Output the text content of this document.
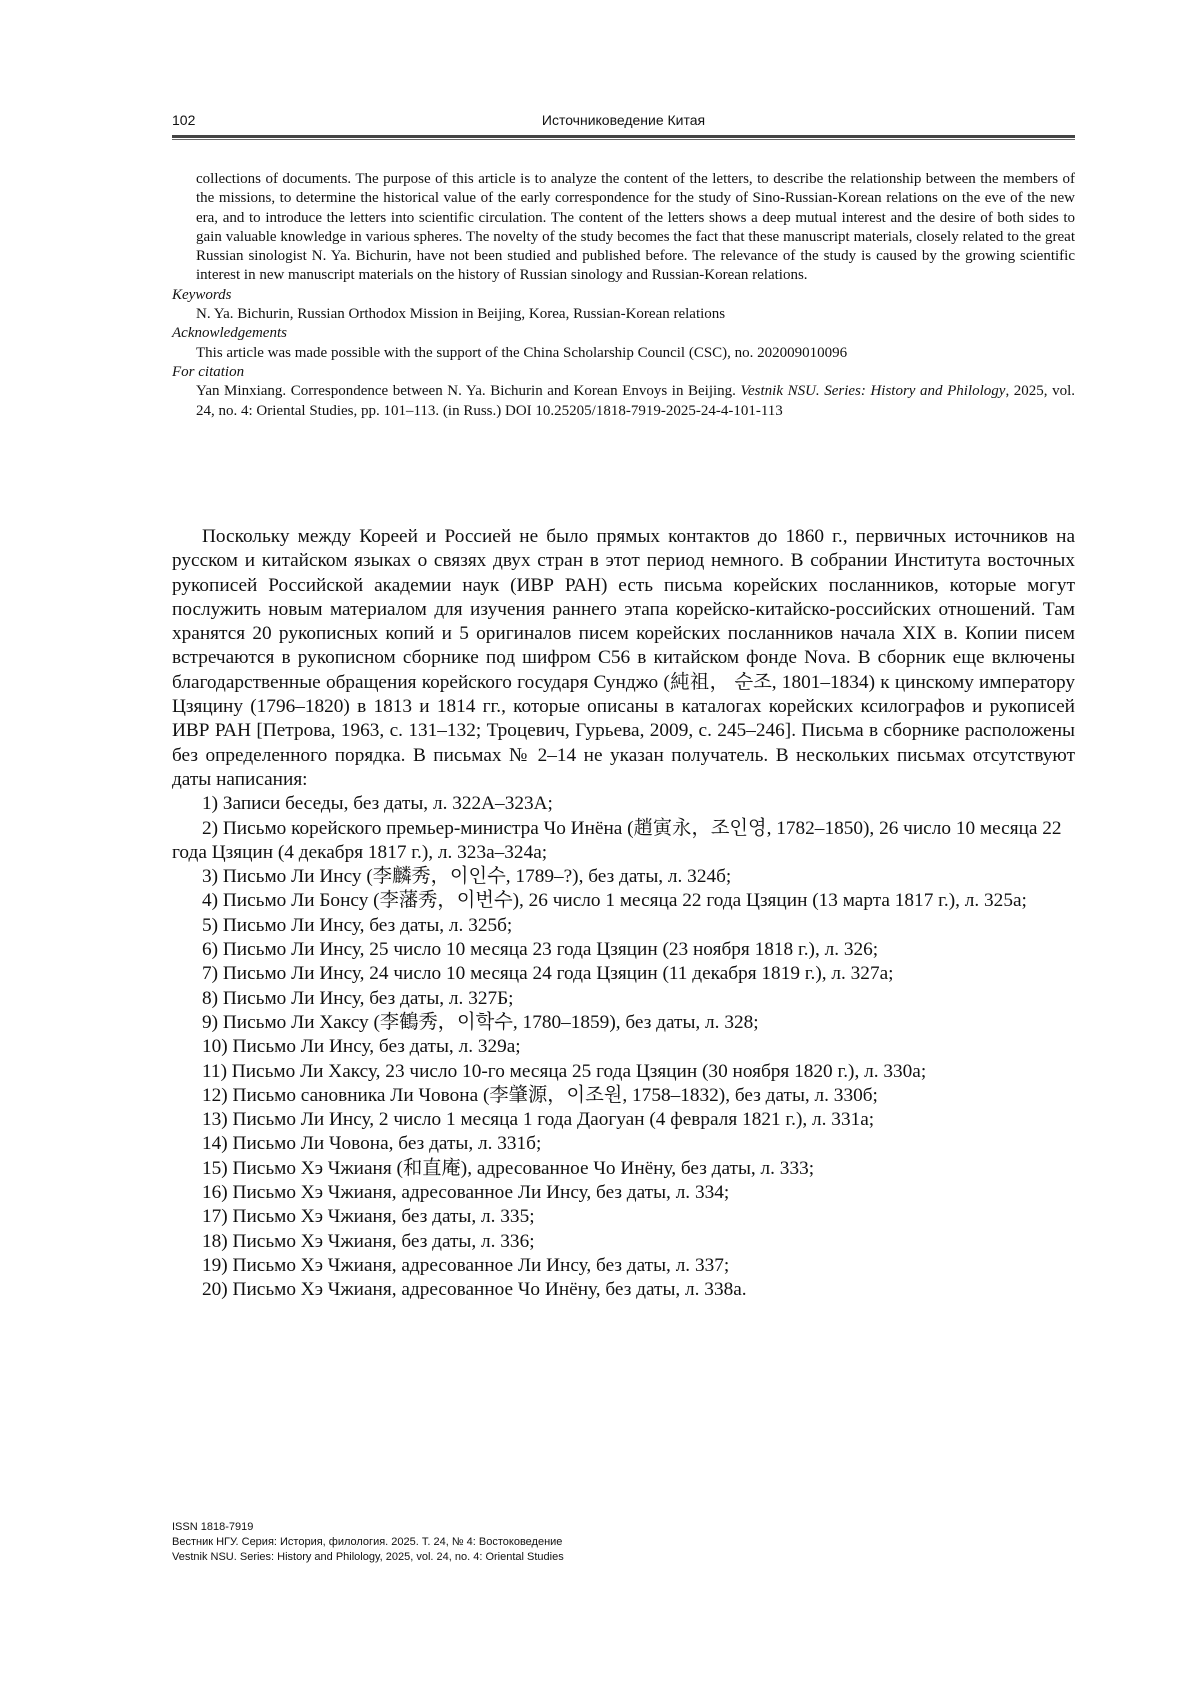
102	Источниковедение Китая
collections of documents. The purpose of this article is to analyze the content of the letters, to describe the relationship between the members of the missions, to determine the historical value of the early correspondence for the study of Sino-Russian-Korean relations on the eve of the new era, and to introduce the letters into scientific circulation. The content of the letters shows a deep mutual interest and the desire of both sides to gain valuable knowledge in various spheres. The novelty of the study becomes the fact that these manuscript materials, closely related to the great Russian sinologist N. Ya. Bichurin, have not been studied and published before. The relevance of the study is caused by the growing scientific interest in new manuscript materials on the history of Russian sinology and Russian-Korean relations.
Keywords
N. Ya. Bichurin, Russian Orthodox Mission in Beijing, Korea, Russian-Korean relations
Acknowledgements
This article was made possible with the support of the China Scholarship Council (CSC), no. 202009010096
For citation
Yan Minxiang. Correspondence between N. Ya. Bichurin and Korean Envoys in Beijing. Vestnik NSU. Series: History and Philology, 2025, vol. 24, no. 4: Oriental Studies, pp. 101–113. (in Russ.) DOI 10.25205/1818-7919-2025-24-4-101-113

Поскольку между Кореей и Россией не было прямых контактов до 1860 г., первичных источников на русском и китайском языках о связях двух стран в этот период немного. В собрании Института восточных рукописей Российской академии наук (ИВР РАН) есть письма корейских посланников, которые могут послужить новым материалом для изучения раннего этапа корейско-китайско-российских отношений. Там хранятся 20 рукописных копий и 5 оригиналов писем корейских посланников начала XIX в. Копии писем встречаются в рукописном сборнике под шифром С56 в китайском фонде Nova. В сборник еще включены благодарственные обращения корейского государя Сунджо (純祖， 순조, 1801–1834) к цинскому императору Цзяцину (1796–1820) в 1813 и 1814 гг., которые описаны в каталогах корейских ксилографов и рукописей ИВР РАН [Петрова, 1963, с. 131–132; Троцевич, Гурьева, 2009, с. 245–246]. Письма в сборнике расположены без определенного порядка. В письмах № 2–14 не указан получатель. В нескольких письмах отсутствуют даты написания:

1) Записи беседы, без даты, л. 322А–323А;
2) Письмо корейского премьер-министра Чо Инёна (趙寅永，조인영, 1782–1850), 26 число 10 месяца 22 года Цзяцин (4 декабря 1817 г.), л. 323а–324а;
3) Письмо Ли Инсу (李麟秀，이인수, 1789–?), без даты, л. 324б;
4) Письмо Ли Бонсу (李藩秀，이번수), 26 число 1 месяца 22 года Цзяцин (13 марта 1817 г.), л. 325а;
5) Письмо Ли Инсу, без даты, л. 325б;
6) Письмо Ли Инсу, 25 число 10 месяца 23 года Цзяцин (23 ноября 1818 г.), л. 326;
7) Письмо Ли Инсу, 24 число 10 месяца 24 года Цзяцин (11 декабря 1819 г.), л. 327а;
8) Письмо Ли Инсу, без даты, л. 327Б;
9) Письмо Ли Хаксу (李鶴秀，이학수, 1780–1859), без даты, л. 328;
10) Письмо Ли Инсу, без даты, л. 329а;
11) Письмо Ли Хаксу, 23 число 10-го месяца 25 года Цзяцин (30 ноября 1820 г.), л. 330а;
12) Письмо сановника Ли Човона (李肇源，이조원, 1758–1832), без даты, л. 330б;
13) Письмо Ли Инсу, 2 число 1 месяца 1 года Даогуан (4 февраля 1821 г.), л. 331а;
14) Письмо Ли Човона, без даты, л. 331б;
15) Письмо Хэ Чжианя (和直庵), адресованное Чо Инёну, без даты, л. 333;
16) Письмо Хэ Чжианя, адресованное Ли Инсу, без даты, л. 334;
17) Письмо Хэ Чжианя, без даты, л. 335;
18) Письмо Хэ Чжианя, без даты, л. 336;
19) Письмо Хэ Чжианя, адресованное Ли Инсу, без даты, л. 337;
20) Письмо Хэ Чжианя, адресованное Чо Инёну, без даты, л. 338а.
ISSN 1818-7919
Вестник НГУ. Серия: История, филология. 2025. Т. 24, № 4: Востоковедение
Vestnik NSU. Series: History and Philology, 2025, vol. 24, no. 4: Oriental Studies
